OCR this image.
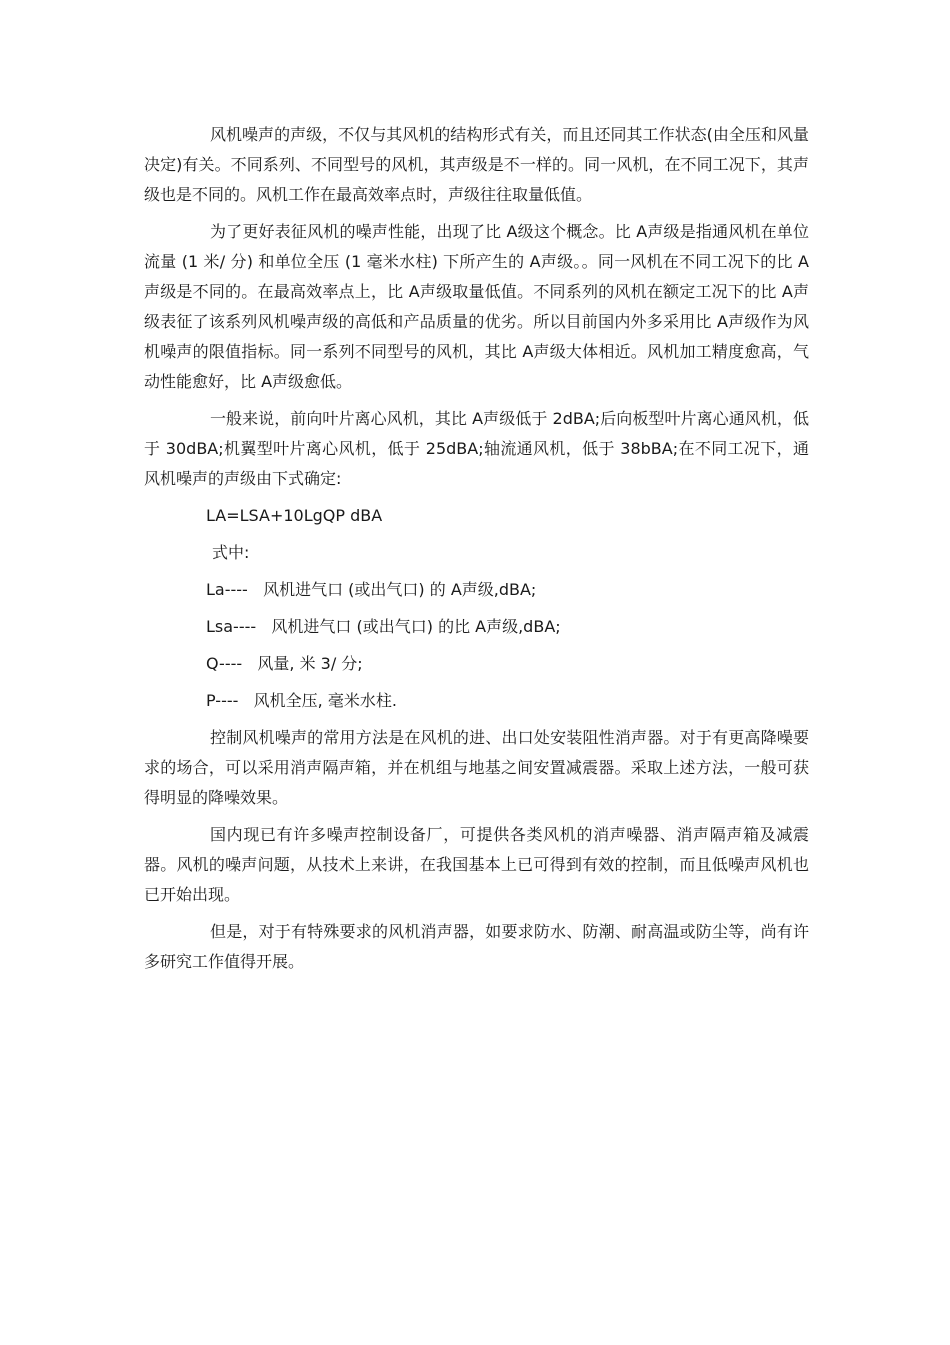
风机噪声的声级，不仅与其风机的结构形式有关，而且还同其工作状态(由全压和风量决定)有关。不同系列、不同型号的风机，其声级是不一样的。同一风机，在不同工况下，其声级也是不同的。风机工作在最高效率点时，声级往往取量低值。

为了更好表征风机的噪声性能，出现了比 A级这个概念。比 A声级是指通风机在单位流量 (1 米/ 分) 和单位全压 (1 毫米水柱) 下所产生的 A声级。。同一风机在不同工况下的比 A声级是不同的。在最高效率点上，比 A声级取量低值。不同系列的风机在额定工况下的比 A声级表征了该系列风机噪声级的高低和产品质量的优劣。所以目前国内外多采用比 A声级作为风机噪声的限值指标。同一系列不同型号的风机，其比 A声级大体相近。风机加工精度愈高，气动性能愈好，比 A声级愈低。

一般来说，前向叶片离心风机，其比 A声级低于 2dBA;后向板型叶片离心通风机，低于 30dBA;机翼型叶片离心风机，低于 25dBA;轴流通风机，低于 38bBA;在不同工况下，通风机噪声的声级由下式确定:

LA=LSA+10LgQP dBA
式中:
La----   风机进气口 (或出气口) 的 A声级,dBA;
Lsa----   风机进气口 (或出气口) 的比 A声级,dBA;
Q----   风量, 米 3/ 分;
P----   风机全压, 毫米水柱.

控制风机噪声的常用方法是在风机的进、出口处安装阻性消声器。对于有更高降噪要求的场合，可以采用消声隔声箱，并在机组与地基之间安置减震器。采取上述方法，一般可获得明显的降噪效果。

国内现已有许多噪声控制设备厂，可提供各类风机的消声噪器、消声隔声箱及减震器。风机的噪声问题，从技术上来讲，在我国基本上已可得到有效的控制，而且低噪声风机也已开始出现。

但是，对于有特殊要求的风机消声器，如要求防水、防潮、耐高温或防尘等，尚有许多研究工作值得开展。
